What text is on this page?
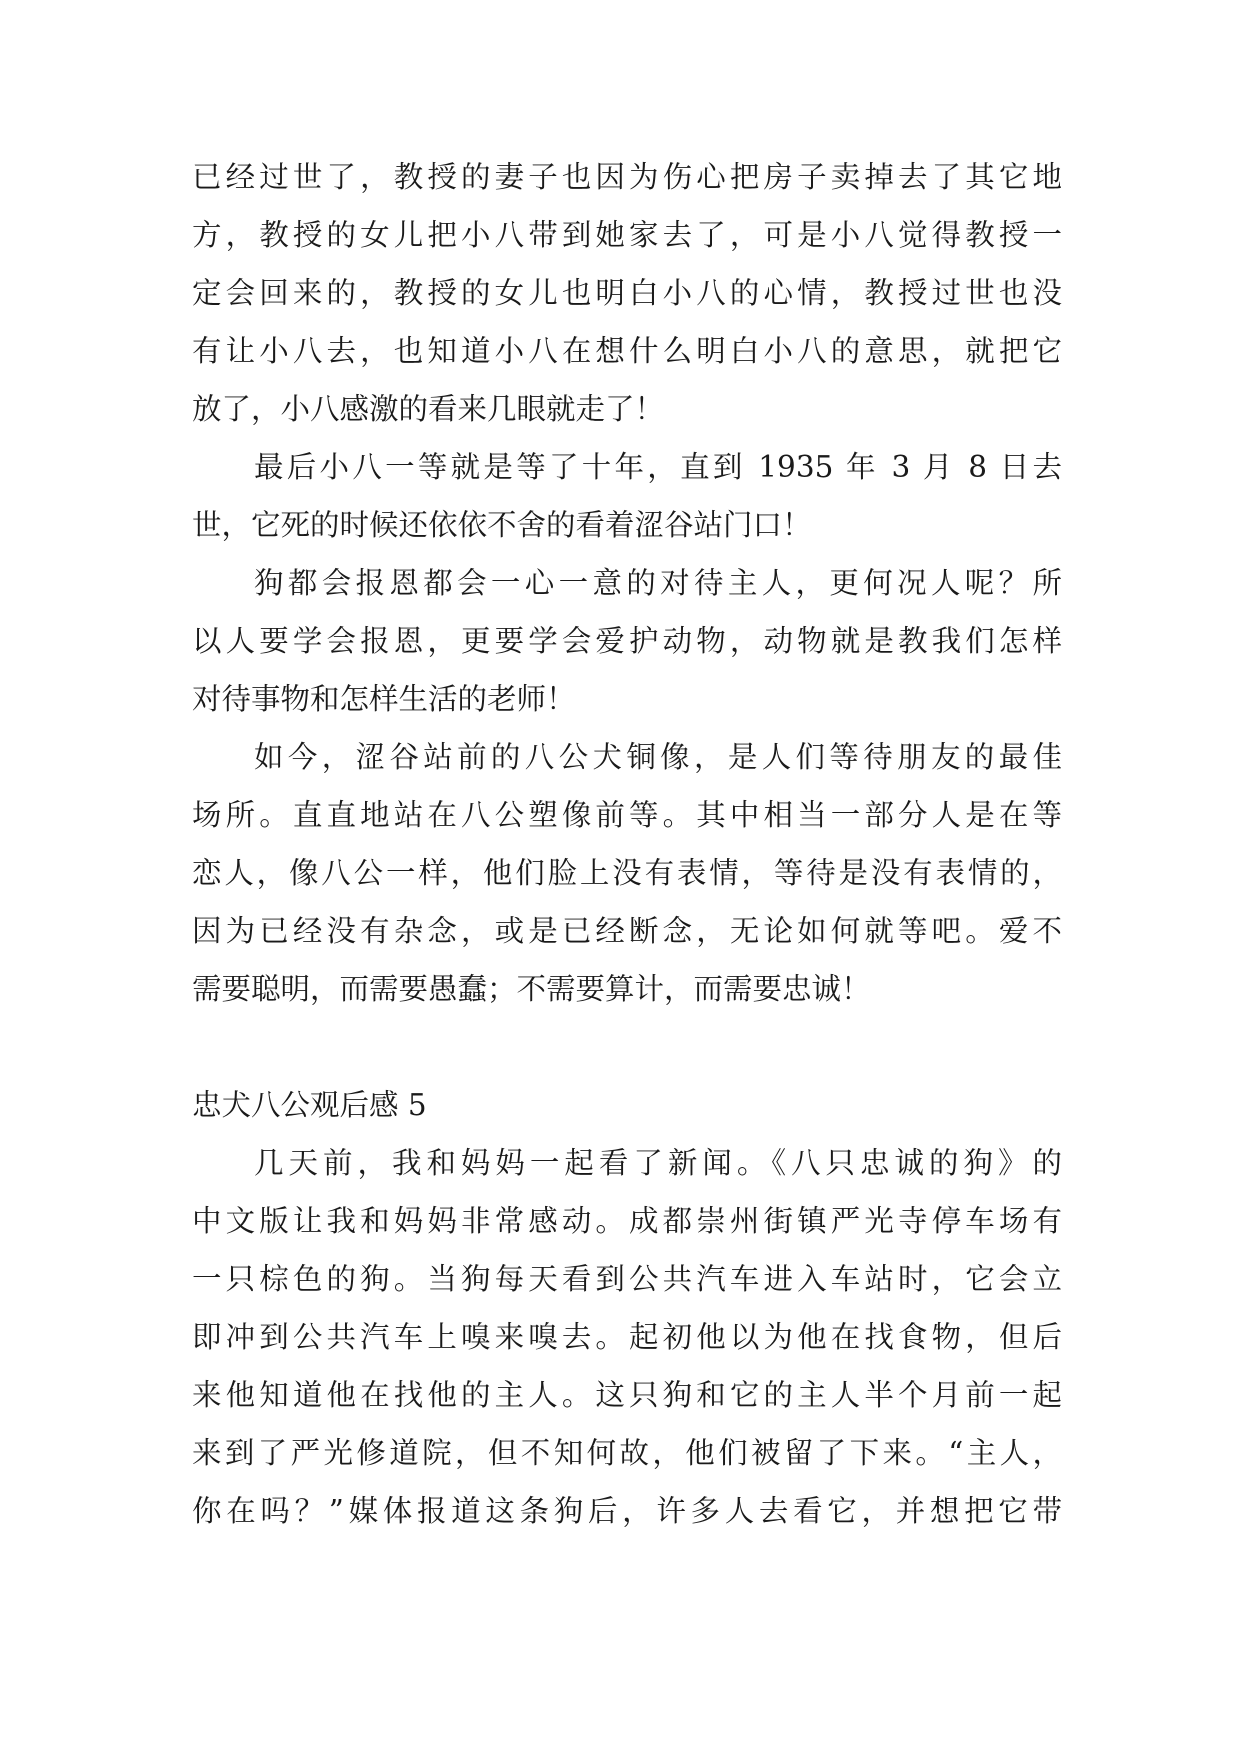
已经过世了，教授的妻子也因为伤心把房子卖掉去了其它地
方，教授的女儿把小八带到她家去了，可是小八觉得教授一
定会回来的，教授的女儿也明白小八的心情，教授过世也没
有让小八去，也知道小八在想什么明白小八的意思，就把它
放了，小八感激的看来几眼就走了！
最后小八一等就是等了十年，直到 1935 年 3 月 8 日去
世，它死的时候还依依不舍的看着涩谷站门口！
狗都会报恩都会一心一意的对待主人，更何况人呢？所
以人要学会报恩，更要学会爱护动物，动物就是教我们怎样
对待事物和怎样生活的老师！
如今，涩谷站前的八公犬铜像，是人们等待朋友的最佳
场所。直直地站在八公塑像前等。其中相当一部分人是在等
恋人，像八公一样，他们脸上没有表情，等待是没有表情的，
因为已经没有杂念，或是已经断念，无论如何就等吧。爱不
需要聪明，而需要愚蠢；不需要算计，而需要忠诚！
忠犬八公观后感 5
几天前，我和妈妈一起看了新闻。《八只忠诚的狗》的
中文版让我和妈妈非常感动。成都崇州街镇严光寺停车场有
一只棕色的狗。当狗每天看到公共汽车进入车站时，它会立
即冲到公共汽车上嗅来嗅去。起初他以为他在找食物，但后
来他知道他在找他的主人。这只狗和它的主人半个月前一起
来到了严光修道院，但不知何故，他们被留了下来。“主人，
你在吗？”媒体报道这条狗后，许多人去看它，并想把它带
